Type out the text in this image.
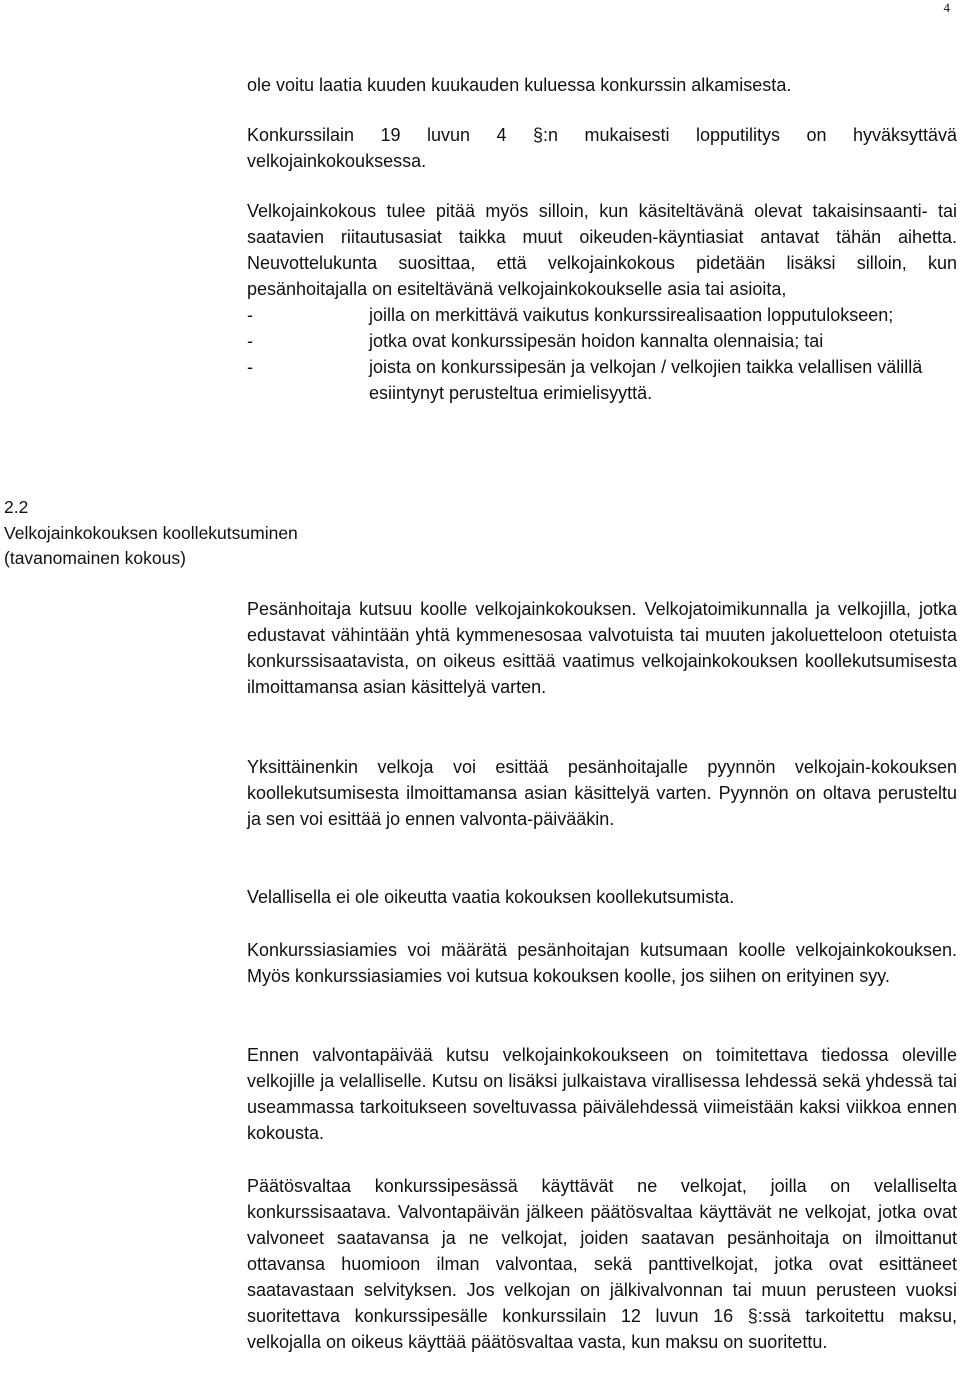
4

ole voitu laatia kuuden kuukauden kuluessa konkurssin alkamisesta.

Konkurssilain 19 luvun 4 §:n mukaisesti lopputilitys on hyväksyttävä velkojainkokouksessa.

Velkojainkokous tulee pitää myös silloin, kun käsiteltävänä olevat takaisinsaanti- tai saatavien riitautusasiat taikka muut oikeuden-käyntiasiat antavat tähän aihetta. Neuvottelukunta suosittaa, että velkojainkokous pidetään lisäksi silloin, kun pesänhoitajalla on esiteltävänä velkojainkokoukselle asia tai asioita,

-	joilla on merkittävä vaikutus konkurssirealisaation lopputulokseen;
-	jotka ovat konkurssipesän hoidon kannalta olennaisia; tai
-	joista on konkurssipesän ja velkojan / velkojien taikka velallisen välillä esiintynyt perusteltua erimielisyyttä.
2.2
Velkojainkokouksen koollekutsuminen
(tavanomainen kokous)

Pesänhoitaja kutsuu koolle velkojainkokouksen. Velkojatoimikunnalla ja velkojilla, jotka edustavat vähintään yhtä kymmenesosaa valvotuista tai muuten jakoluetteloon otetuista konkurssisaatavista, on oikeus esittää vaatimus velkojainkokouksen koollekutsumisesta ilmoittamansa asian käsittelyä varten.

Yksittäinenkin velkoja voi esittää pesänhoitajalle pyynnön velkojain-kokouksen koollekutsumisesta ilmoittamansa asian käsittelyä varten. Pyynnön on oltava perusteltu ja sen voi esittää jo ennen valvonta-päivääkin.

Velallisella ei ole oikeutta vaatia kokouksen koollekutsumista.

Konkurssiasiamies voi määrätä pesänhoitajan kutsumaan koolle velkojainkokouksen. Myös konkurssiasiamies voi kutsua kokouksen koolle, jos siihen on erityinen syy.

Ennen valvontapäivää kutsu velkojainkokoukseen on toimitettava tiedossa oleville velkojille ja velalliselle. Kutsu on lisäksi julkaistava virallisessa lehdessä sekä yhdessä tai useammassa tarkoitukseen soveltuvassa päivälehdessä viimeistään kaksi viikkoa ennen kokousta.

Päätösvaltaa konkurssipesässä käyttävät ne velkojat, joilla on velalliselta konkurssisaatava. Valvontapäivän jälkeen päätösvaltaa käyttävät ne velkojat, jotka ovat valvoneet saatavansa ja ne velkojat, joiden saatavan pesänhoitaja on ilmoittanut ottavansa huomioon ilman valvontaa, sekä panttivelkojat, jotka ovat esittäneet saatavastaan selvityksen. Jos velkojan on jälkivalvonnan tai muun perusteen vuoksi suoritettava konkurssipesälle konkurssilain 12 luvun 16 §:ssä tarkoitettu maksu, velkojalla on oikeus käyttää päätösvaltaa vasta, kun maksu on suoritettu.
